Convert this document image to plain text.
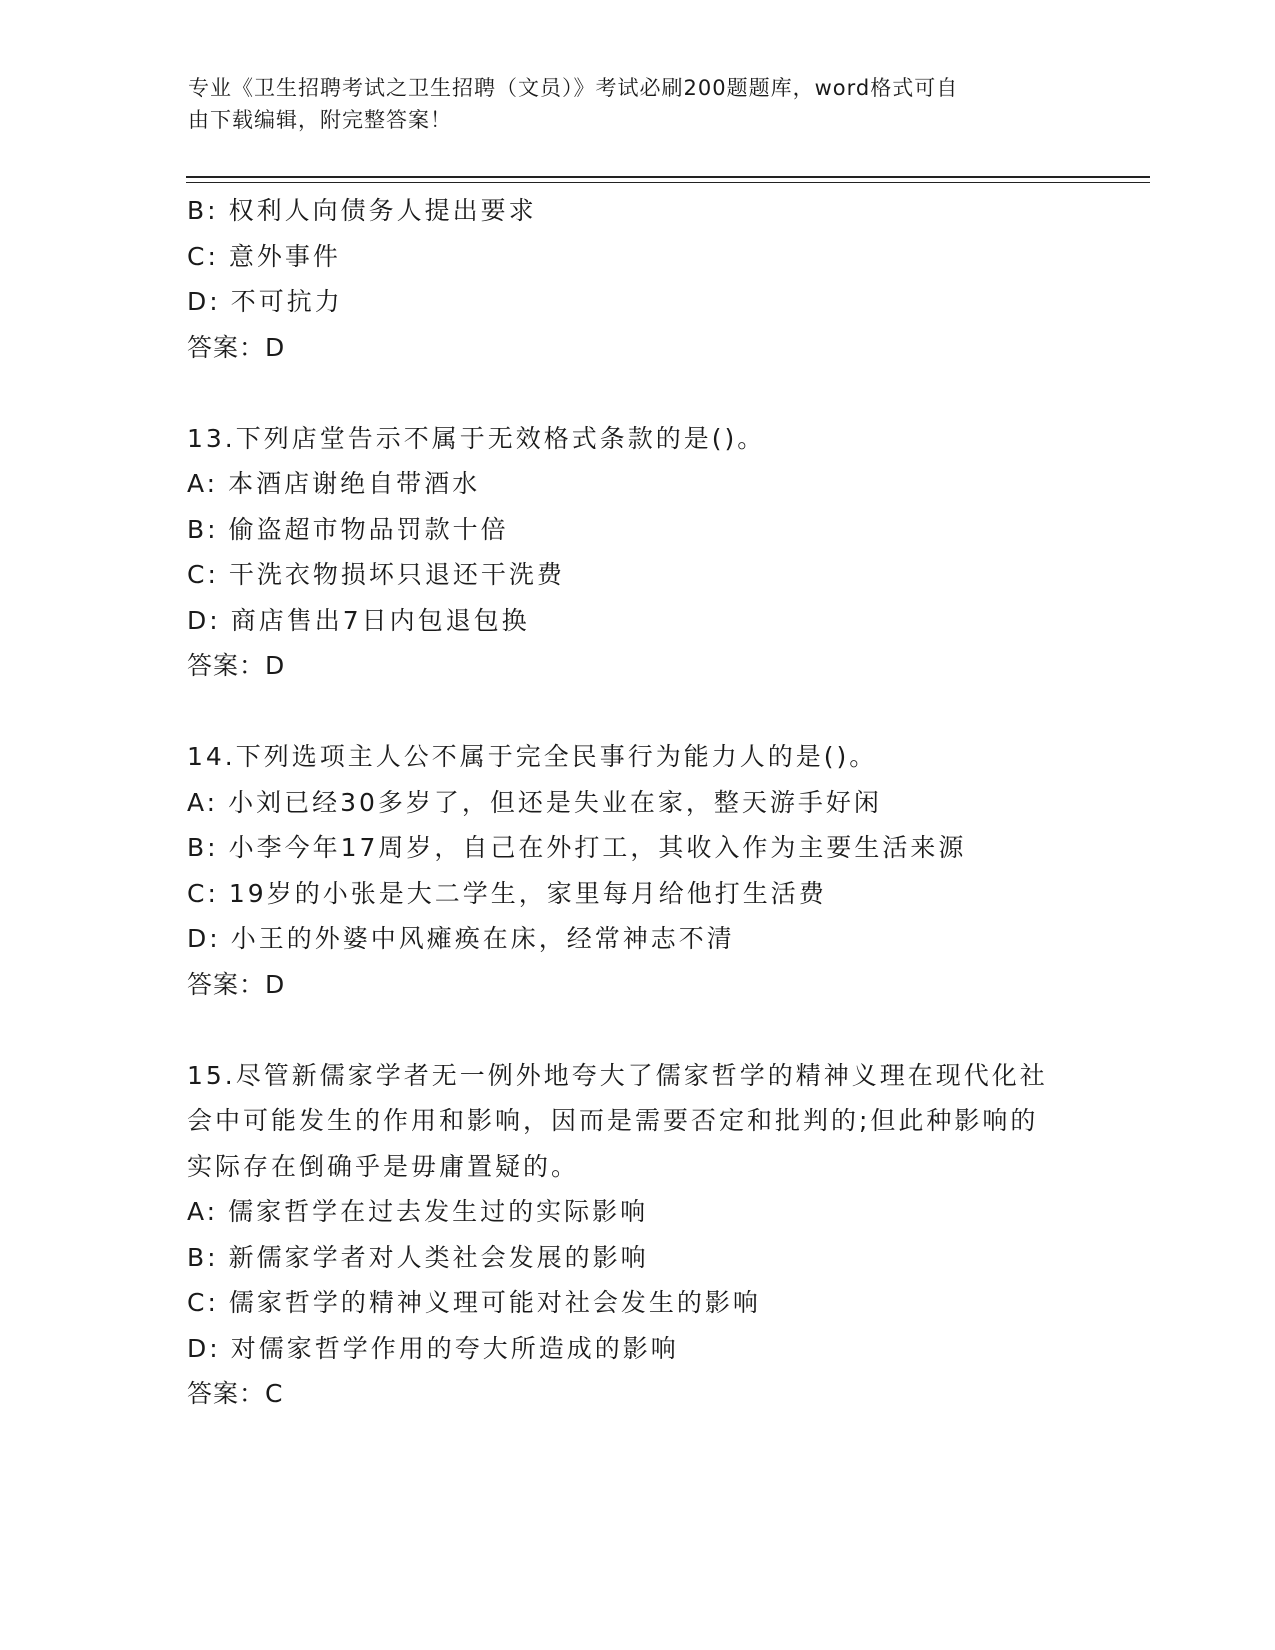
专业《卫生招聘考试之卫生招聘（文员）》考试必刷200题题库，word格式可自
由下载编辑，附完整答案！
B: 权利人向债务人提出要求
C: 意外事件
D: 不可抗力
答案：D
13.下列店堂告示不属于无效格式条款的是()。
A: 本酒店谢绝自带酒水
B: 偷盗超市物品罚款十倍
C: 干洗衣物损坏只退还干洗费
D: 商店售出7日内包退包换
答案：D
14.下列选项主人公不属于完全民事行为能力人的是()。
A: 小刘已经30多岁了，但还是失业在家，整天游手好闲
B: 小李今年17周岁，自己在外打工，其收入作为主要生活来源
C: 19岁的小张是大二学生，家里每月给他打生活费
D: 小王的外婆中风瘫痪在床，经常神志不清
答案：D
15.尽管新儒家学者无一例外地夸大了儒家哲学的精神义理在现代化社
会中可能发生的作用和影响，因而是需要否定和批判的;但此种影响的
实际存在倒确乎是毋庸置疑的。
A: 儒家哲学在过去发生过的实际影响
B: 新儒家学者对人类社会发展的影响
C: 儒家哲学的精神义理可能对社会发生的影响
D: 对儒家哲学作用的夸大所造成的影响
答案：C
